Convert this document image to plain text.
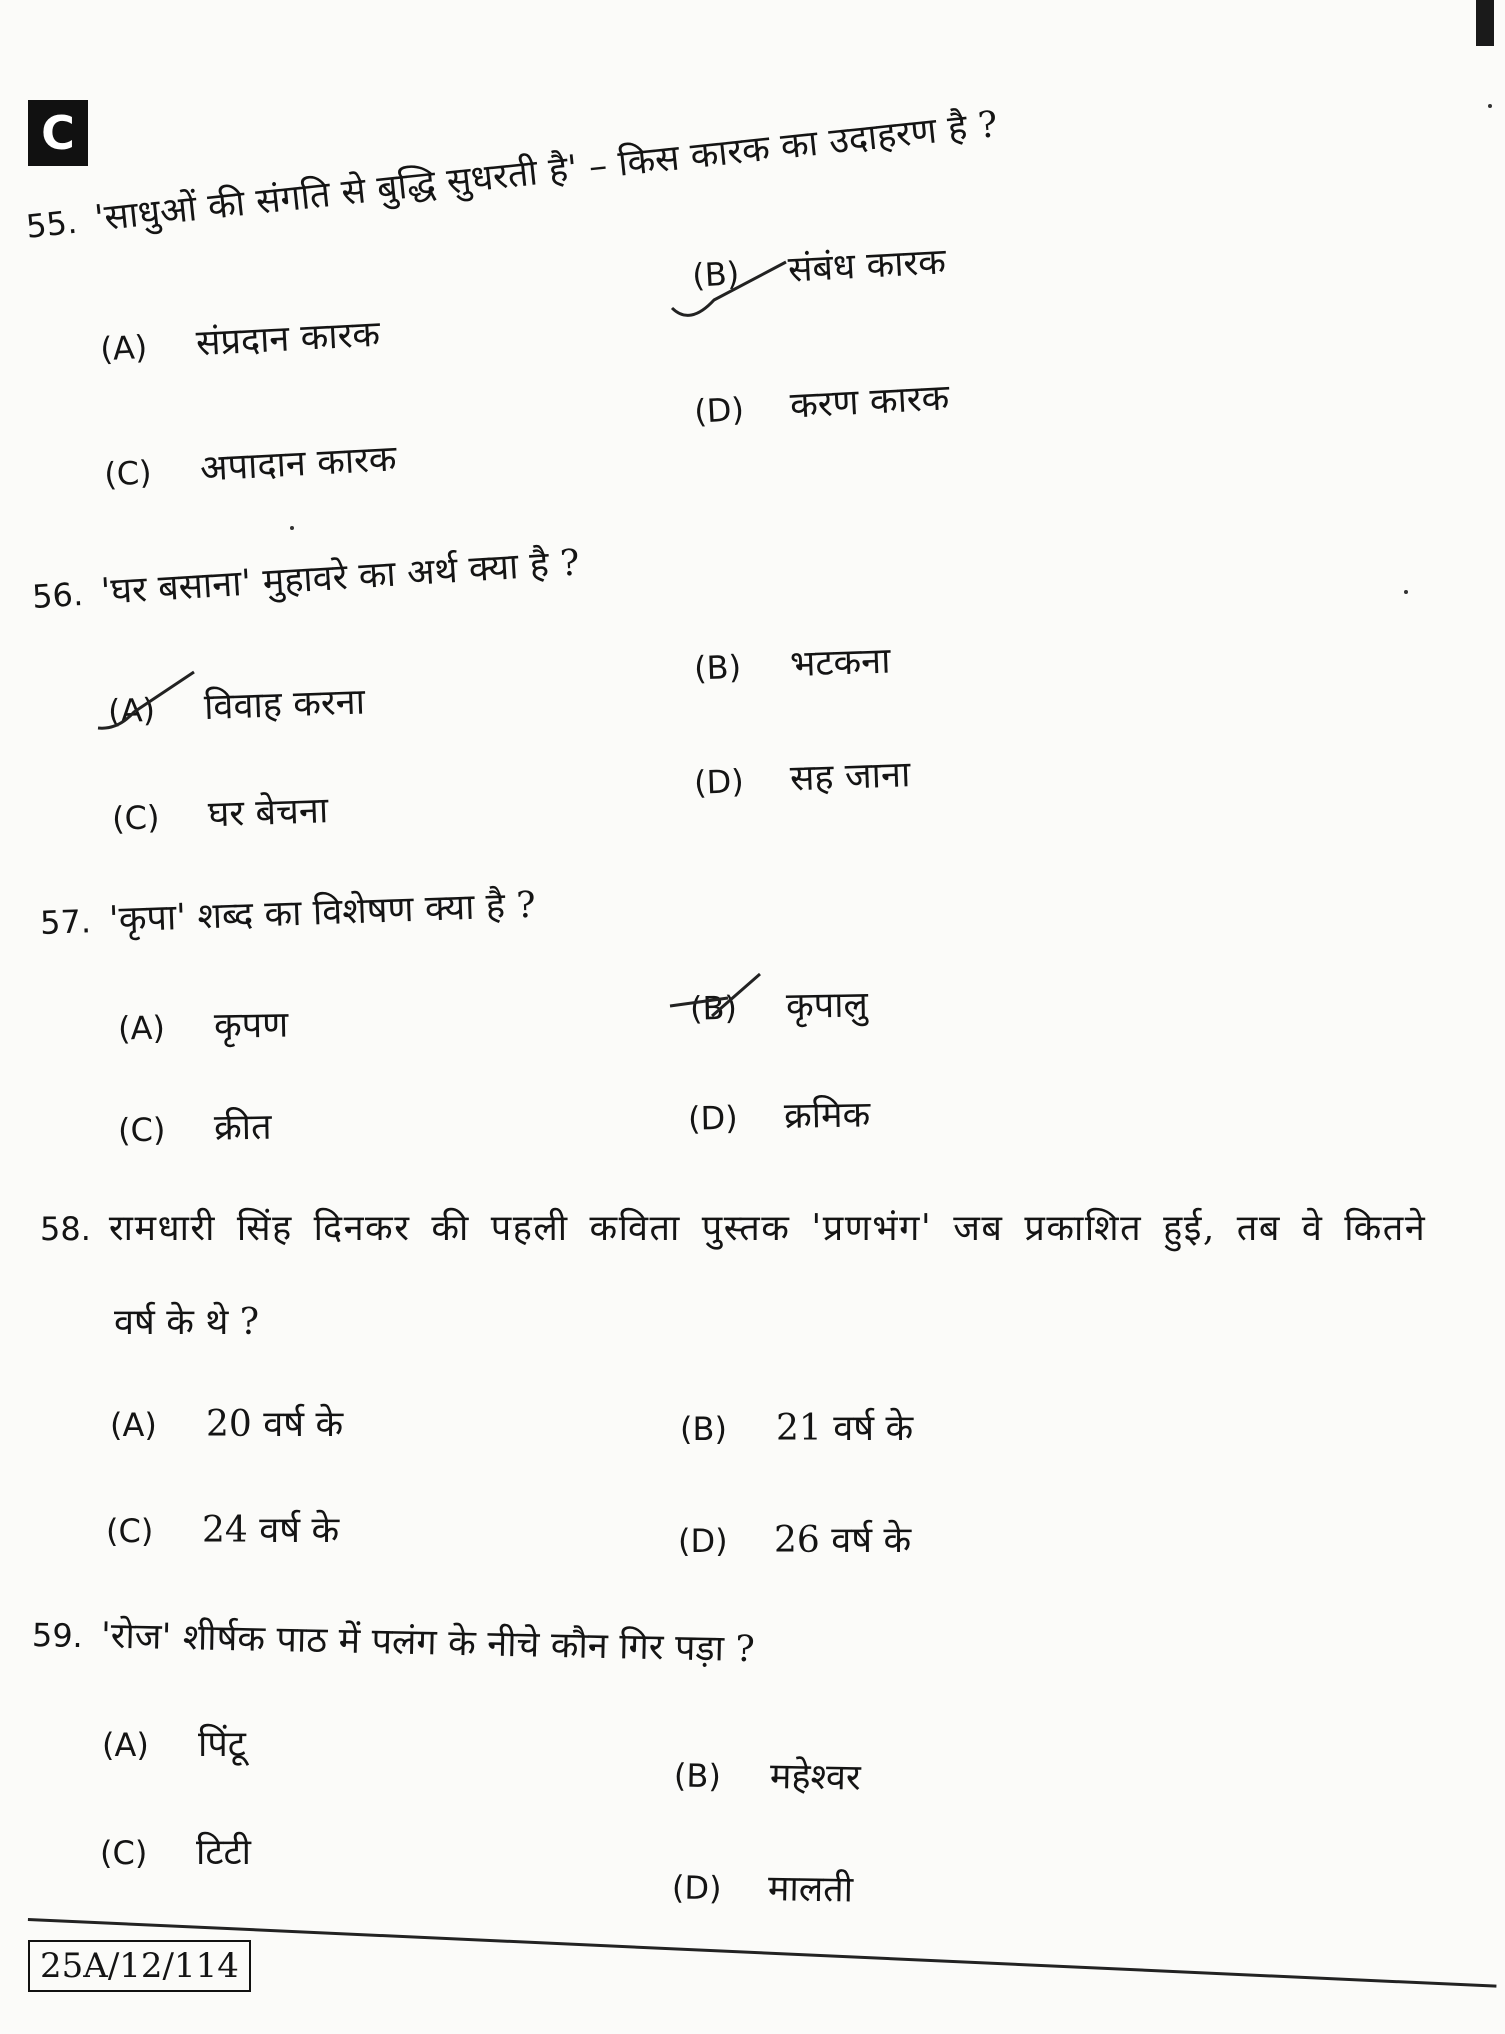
C
55. 'साधुओं की संगति से बुद्धि सुधरती है' – किस कारक का उदाहरण है ?
(A) संप्रदान कारक
(B) संबंध कारक
(C) अपादान कारक
(D) करण कारक
56. 'घर बसाना' मुहावरे का अर्थ क्या है ?
(A) विवाह करना
(B) भटकना
(C) घर बेचना
(D) सह जाना
57. 'कृपा' शब्द का विशेषण क्या है ?
(A) कृपण	(B) कृपालु
(C) क्रीत	(D) क्रमिक
58. रामधारी सिंह दिनकर की पहली कविता पुस्तक 'प्रणभंग' जब प्रकाशित हुई, तब वे कितने
वर्ष के थे ?
(A) 20 वर्ष के	(B) 21 वर्ष के
(C) 24 वर्ष के	(D) 26 वर्ष के
59. 'रोज' शीर्षक पाठ में पलंग के नीचे कौन गिर पड़ा ?
(A) पिंटू
(B) महेश्वर
(C) टिटी
(D) मालती
25A/12/114
